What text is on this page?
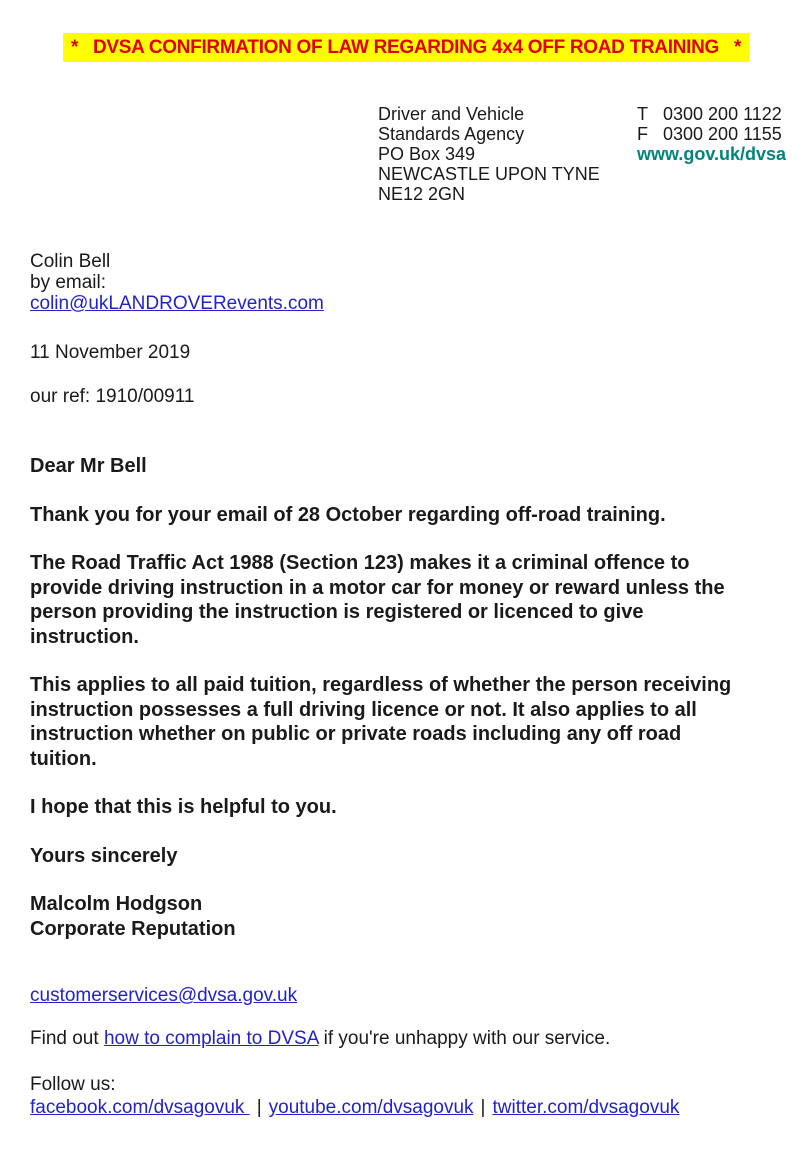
*   DVSA CONFIRMATION OF LAW REGARDING 4x4 OFF ROAD TRAINING   *
Driver and Vehicle
Standards Agency
PO Box 349
NEWCASTLE UPON TYNE
NE12 2GN
T 0300 200 1122
F 0300 200 1155
www.gov.uk/dvsa
Colin Bell
by email:
colin@ukLANDROVERevents.com
11 November 2019
our ref: 1910/00911

Dear Mr Bell

Thank you for your email of 28 October regarding off-road training.

The Road Traffic Act 1988 (Section 123) makes it a criminal offence to provide driving instruction in a motor car for money or reward unless the person providing the instruction is registered or licenced to give instruction.

This applies to all paid tuition, regardless of whether the person receiving instruction possesses a full driving licence or not. It also applies to all instruction whether on public or private roads including any off road tuition.

I hope that this is helpful to you.

Yours sincerely

Malcolm Hodgson
Corporate Reputation
customerservices@dvsa.gov.uk

Find out how to complain to DVSA if you're unhappy with our service.

Follow us:
facebook.com/dvsagovuk | youtube.com/dvsagovuk | twitter.com/dvsagovuk
